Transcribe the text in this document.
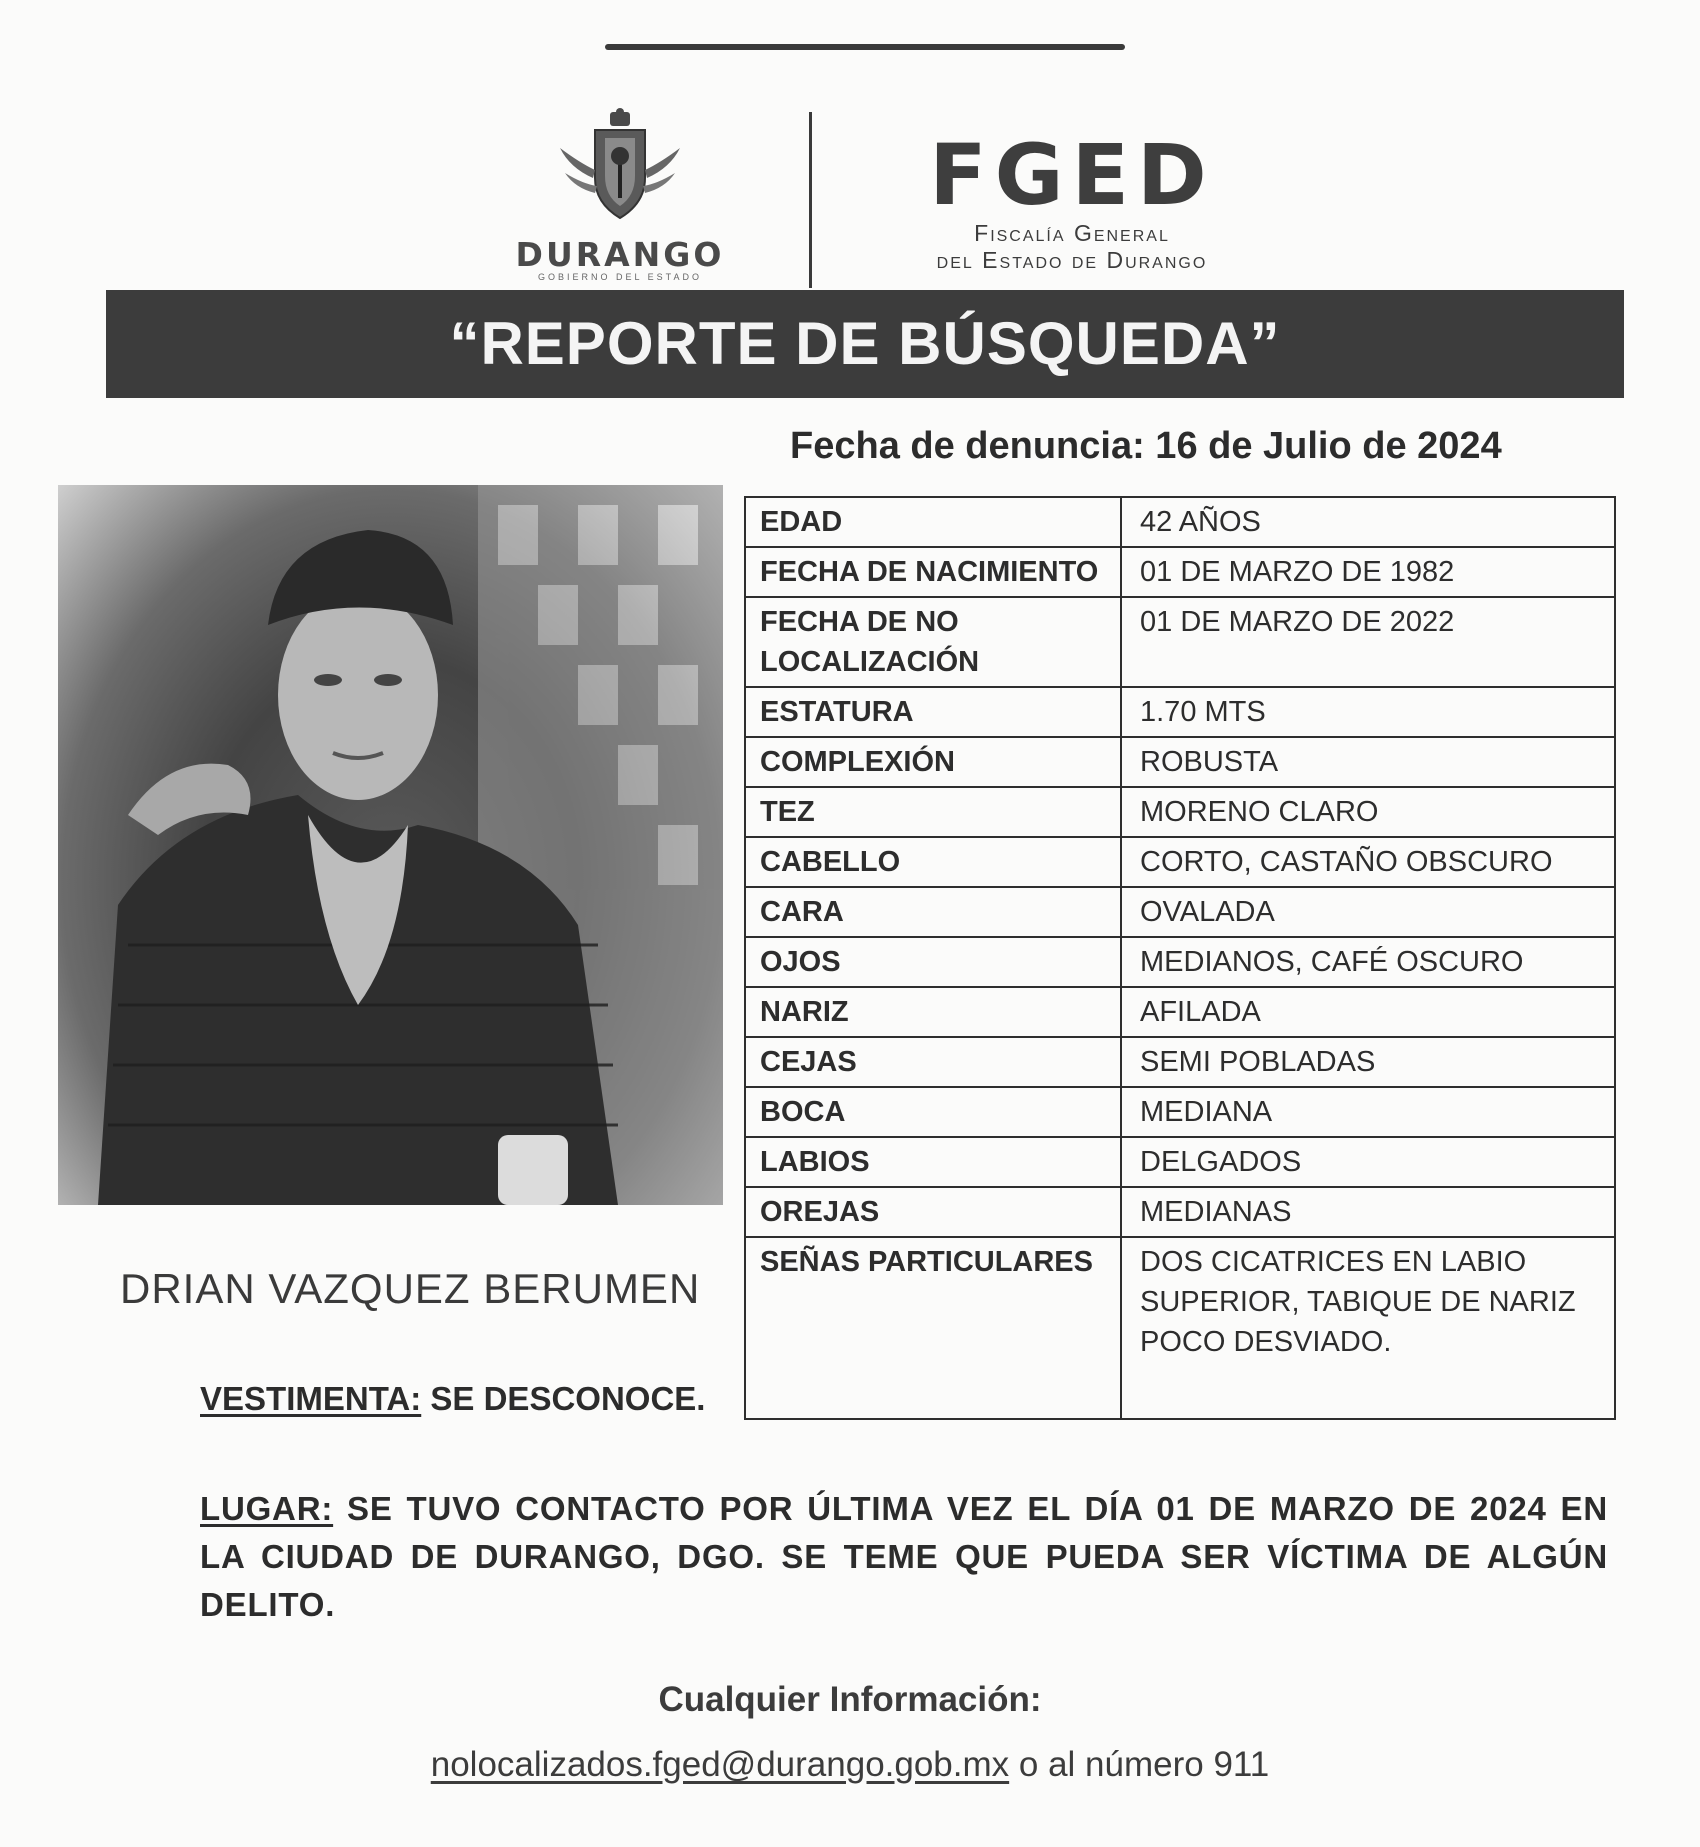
DURANGO
GOBIERNO DEL ESTADO
FGED
Fiscalía General
del Estado de Durango
“REPORTE DE BÚSQUEDA”
Fecha de denuncia: 16 de Julio de 2024
DRIAN VAZQUEZ BERUMEN
EDAD	42 AÑOS
FECHA DE NACIMIENTO	01 DE MARZO DE 1982
FECHA DE NO LOCALIZACIÓN	01 DE MARZO DE 2022
ESTATURA	1.70 MTS
COMPLEXIÓN	ROBUSTA
TEZ	MORENO CLARO
CABELLO	CORTO, CASTAÑO OBSCURO
CARA	OVALADA
OJOS	MEDIANOS, CAFÉ OSCURO
NARIZ	AFILADA
CEJAS	SEMI POBLADAS
BOCA	MEDIANA
LABIOS	DELGADOS
OREJAS	MEDIANAS
SEÑAS PARTICULARES	DOS CICATRICES EN LABIO SUPERIOR, TABIQUE DE NARIZ POCO DESVIADO.
VESTIMENTA: SE DESCONOCE.
LUGAR: SE TUVO CONTACTO POR ÚLTIMA VEZ EL DÍA 01 DE MARZO DE 2024 EN LA CIUDAD DE DURANGO, DGO. SE TEME QUE PUEDA SER VÍCTIMA DE ALGÚN DELITO.
Cualquier Información:
nolocalizados.fged@durango.gob.mx o al número 911
